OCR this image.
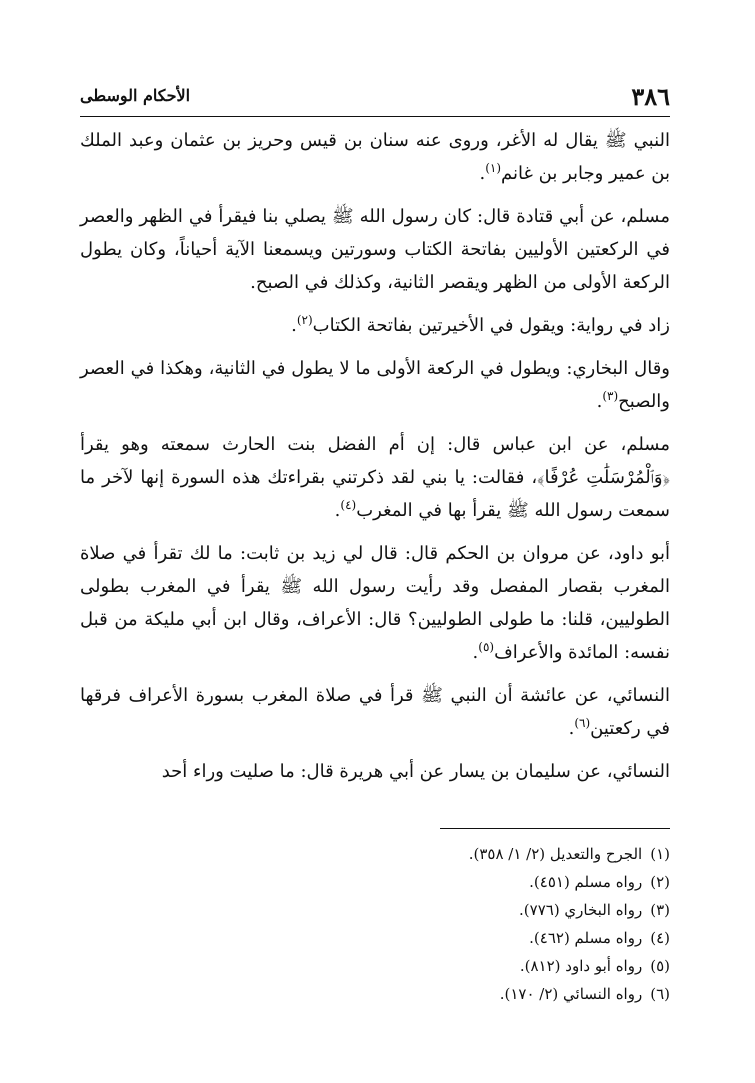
٣٨٦
الأحكام الوسطى

النبي ﷺ يقال له الأغر، وروى عنه سنان بن قيس وحريز بن عثمان وعبد الملك بن عمير وجابر بن غانم$^{(١)}$.

مسلم، عن أبي قتادة قال: كان رسول الله ﷺ يصلي بنا فيقرأ في الظهر والعصر في الركعتين الأوليين بفاتحة الكتاب وسورتين ويسمعنا الآية أحياناً، وكان يطول الركعة الأولى من الظهر ويقصر الثانية، وكذلك في الصبح.

زاد في رواية: ويقول في الأخيرتين بفاتحة الكتاب$^{(٢)}$.

وقال البخاري: ويطول في الركعة الأولى ما لا يطول في الثانية، وهكذا في العصر والصبح$^{(٣)}$.

مسلم، عن ابن عباس قال: إن أم الفضل بنت الحارث سمعته وهو يقرأ ﴿وَٱلْمُرْسَلَٰتِ عُرْفًا﴾، فقالت: يا بني لقد ذكرتني بقراءتك هذه السورة إنها لآخر ما سمعت رسول الله ﷺ يقرأ بها في المغرب$^{(٤)}$.

أبو داود، عن مروان بن الحكم قال: قال لي زيد بن ثابت: ما لك تقرأ في صلاة المغرب بقصار المفصل وقد رأيت رسول الله ﷺ يقرأ في المغرب بطولى الطوليين، قلنا: ما طولى الطوليين؟ قال: الأعراف، وقال ابن أبي مليكة من قبل نفسه: المائدة والأعراف$^{(٥)}$.

النسائي، عن عائشة أن النبي ﷺ قرأ في صلاة المغرب بسورة الأعراف فرقها في ركعتين$^{(٦)}$.

النسائي، عن سليمان بن يسار عن أبي هريرة قال: ما صليت وراء أحد

(١)الجرح والتعديل (٢/ ١/ ٣٥٨).
(٢)رواه مسلم (٤٥١).
(٣)رواه البخاري (٧٧٦).
(٤)رواه مسلم (٤٦٢).
(٥)رواه أبو داود (٨١٢).
(٦)رواه النسائي (٢/ ١٧٠).
